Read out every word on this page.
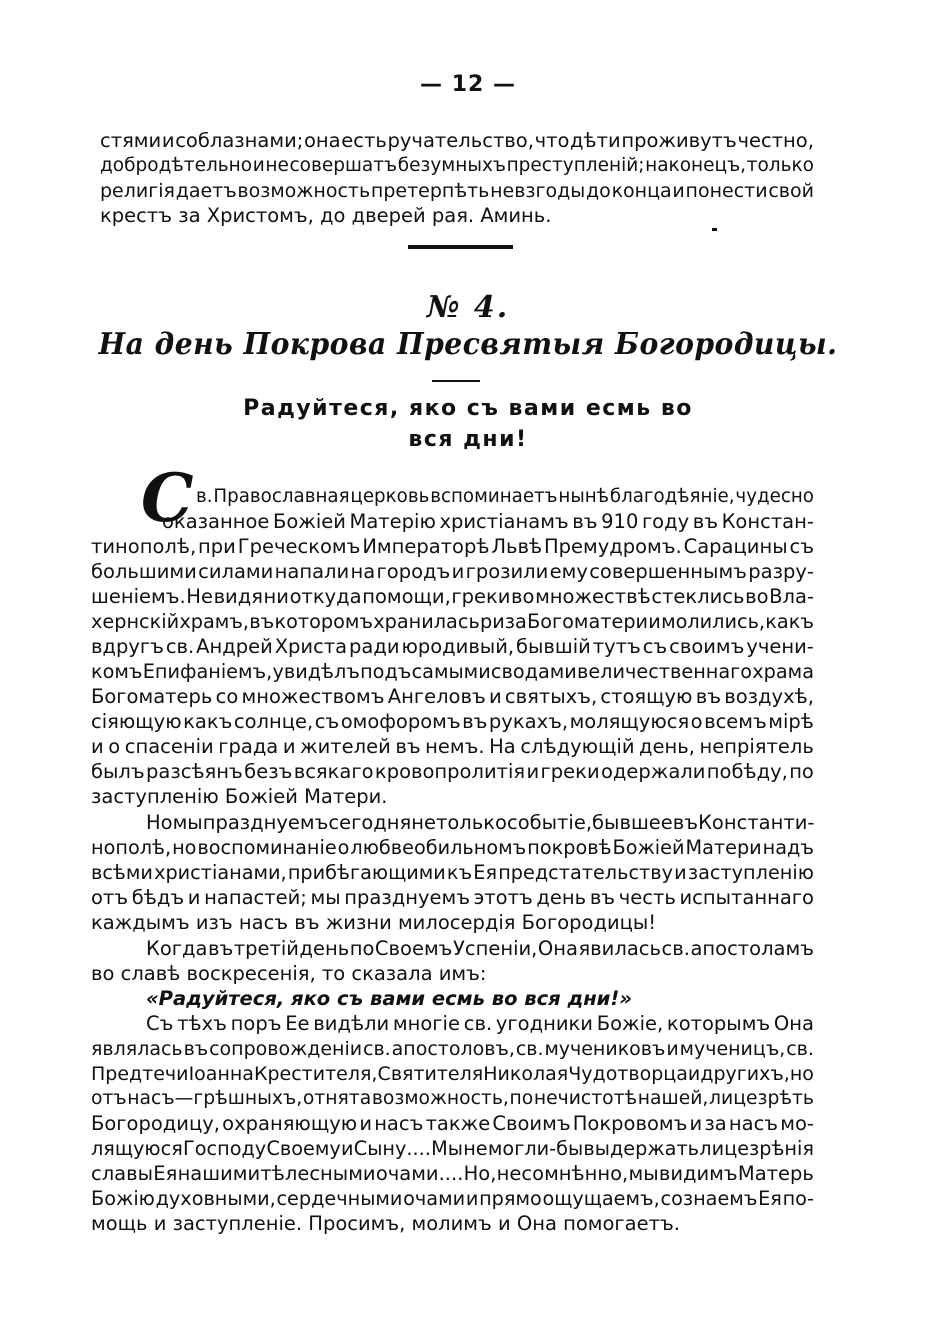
— 12 —
стями и соблазнами; она есть ручательство, что дѣти проживутъ честно,
добродѣтельно и не совершатъ безумныхъ преступленій; наконецъ, только
религія даетъ возможность претерпѣть невзгоды до конца и понести свой
крестъ за Христомъ, до дверей рая. Аминь.
№ 4.
На день Покрова Пресвятыя Богородицы.
Радуйтеся, яко съ вами есмь во
вся дни!
С в. Православная церковь вспоминаетъ нынѣ благодѣяніе, чудесно
оказанное Божіей Матерію христіанамъ въ 910 году въ Констан-
тинополѣ, при Греческомъ Императорѣ Львѣ Премудромъ. Сарацины съ
большими силами напали на городъ и грозили ему совершеннымъ разру-
шеніемъ. Не видя ни откуда помощи, греки во множествѣ стеклись во Вла-
хернскій храмъ, въ которомъ хранилась риза Богоматери и молились, какъ
вдругъ св. Андрей Христа ради юродивый, бывшій тутъ съ своимъ учени-
комъ Епифаніемъ, увидѣлъ подъ самыми сводами величественнаго храма
Богоматерь со множествомъ Ангеловъ и святыхъ, стоящую въ воздухѣ,
сіяющую какъ солнце, съ омофоромъ въ рукахъ, молящуюся о всемъ мірѣ
и о спасеніи града и жителей въ немъ. На слѣдующій день, непріятель
былъ разсѣянъ безъ всякаго кровопролитія и греки одержали побѣду, по
заступленію Божіей Матери.
Но мы празднуемъ сегодня не только событіе, бывшее въ Константи-
нополѣ, но воспоминаніе о любвеобильномъ покровѣ Божіей Матери надъ
всѣми христіанами, прибѣгающими къ Ея предстательству и заступленію
отъ бѣдъ и напастей; мы празднуемъ этотъ день въ честь испытаннаго
каждымъ изъ насъ въ жизни милосердія Богородицы!
Когда въ третій день по Своемъ Успеніи, Она явилась св. апостоламъ
во славѣ воскресенія, то сказала имъ:
«Радуйтеся, яко съ вами есмь во вся дни!»
Съ тѣхъ поръ Ее видѣли многіе св. угодники Божіе, которымъ Она
являлась въ сопровожденіи св. апостоловъ, св. мучениковъ и мученицъ, св.
Предтечи Іоанна Крестителя, Святителя Николая Чудотворца и другихъ, но
отъ насъ—грѣшныхъ, отнята возможность, по нечистотѣ нашей, лицезрѣть
Богородицу, охраняющую и насъ также Своимъ Покровомъ и за насъ мо-
лящуюся Господу Своему и Сыну.... Мы не могли-бы выдержать лицезрѣнія
славы Ея нашими тѣлесными очами.... Но, несомнѣнно, мы видимъ Матерь
Божію духовными, сердечными очами и прямо ощущаемъ, сознаемъ Ея по-
мощь и заступленіе. Просимъ, молимъ и Она помогаетъ.
